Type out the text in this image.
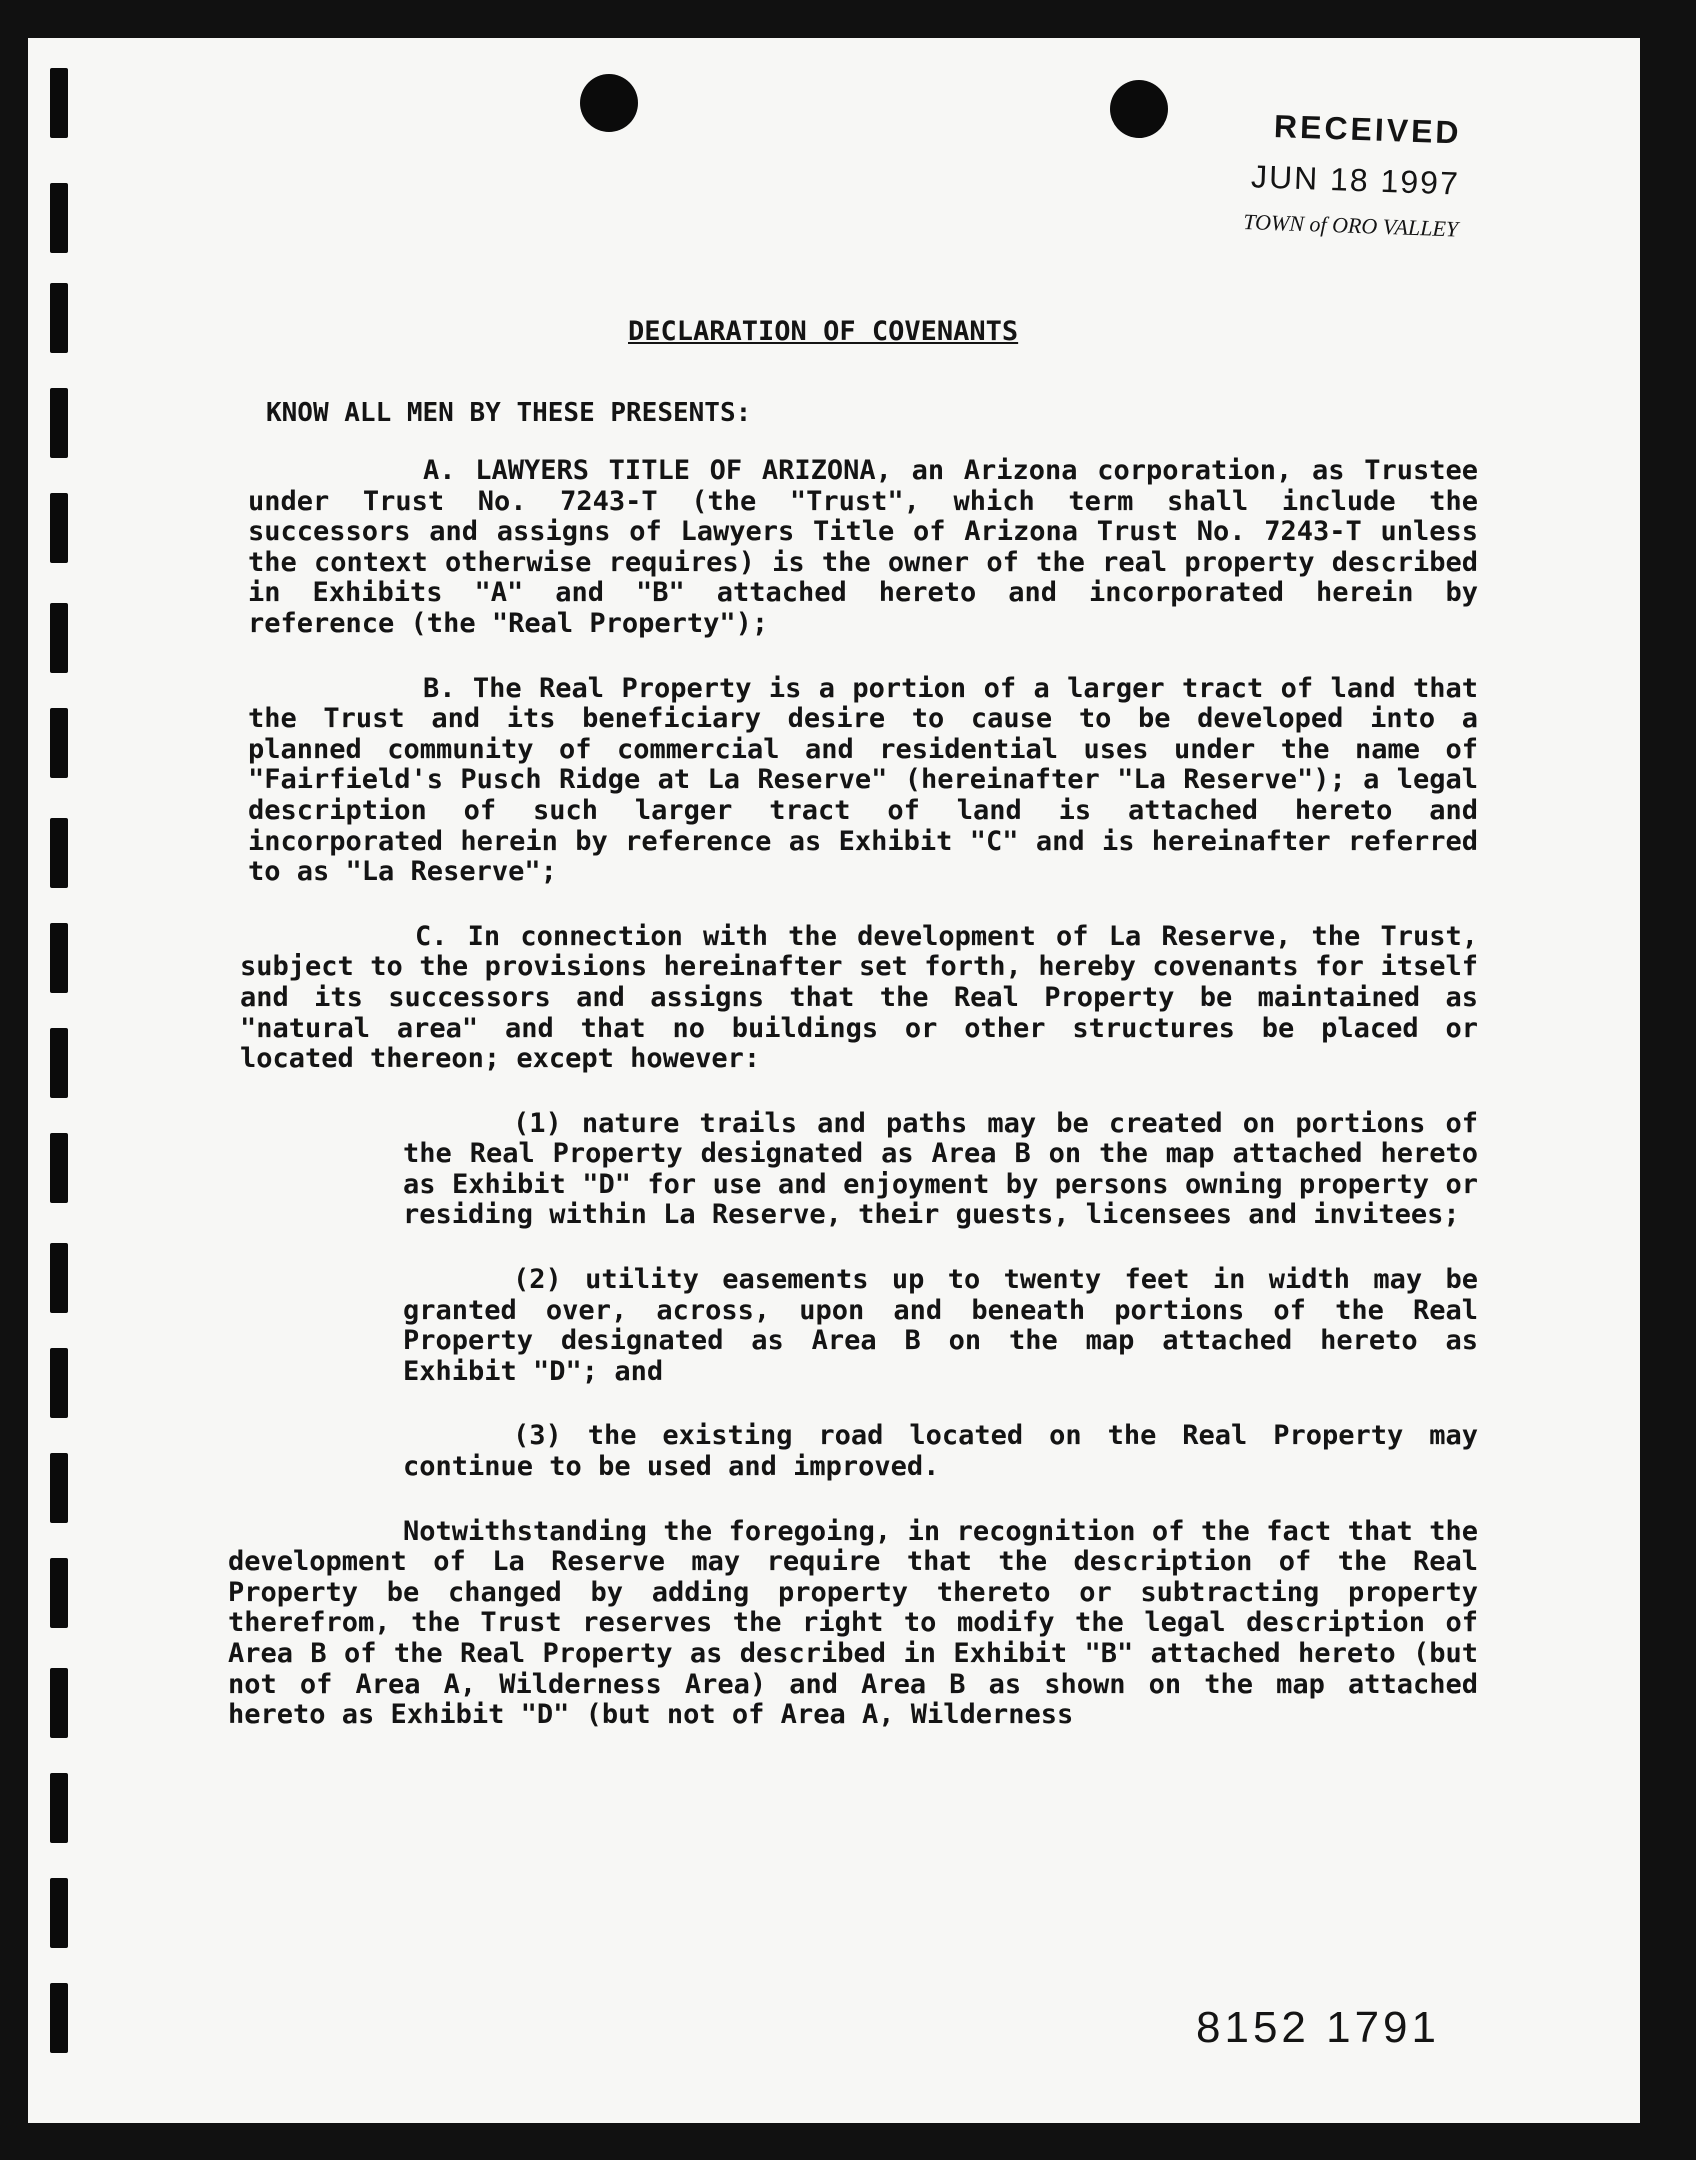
RECEIVED
JUN 18 1997
TOWN of ORO VALLEY
DECLARATION OF COVENANTS
KNOW ALL MEN BY THESE PRESENTS:

A. LAWYERS TITLE OF ARIZONA, an Arizona corporation, as Trustee under Trust No. 7243-T (the "Trust", which term shall include the successors and assigns of Lawyers Title of Arizona Trust No. 7243-T unless the context otherwise requires) is the owner of the real property described in Exhibits "A" and "B" attached hereto and incorporated herein by reference (the "Real Property");

B. The Real Property is a portion of a larger tract of land that the Trust and its beneficiary desire to cause to be developed into a planned community of commercial and residential uses under the name of "Fairfield's Pusch Ridge at La Reserve" (hereinafter "La Reserve"); a legal description of such larger tract of land is attached hereto and incorporated herein by reference as Exhibit "C" and is hereinafter referred to as "La Reserve";

C. In connection with the development of La Reserve, the Trust, subject to the provisions hereinafter set forth, hereby covenants for itself and its successors and assigns that the Real Property be maintained as "natural area" and that no buildings or other structures be placed or located thereon; except however:

(1) nature trails and paths may be created on portions of the Real Property designated as Area B on the map attached hereto as Exhibit "D" for use and enjoyment by persons owning property or residing within La Reserve, their guests, licensees and invitees;

(2) utility easements up to twenty feet in width may be granted over, across, upon and beneath portions of the Real Property designated as Area B on the map attached hereto as Exhibit "D"; and

(3) the existing road located on the Real Property may continue to be used and improved.

Notwithstanding the foregoing, in recognition of the fact that the development of La Reserve may require that the description of the Real Property be changed by adding property thereto or subtracting property therefrom, the Trust reserves the right to modify the legal description of Area B of the Real Property as described in Exhibit "B" attached hereto (but not of Area A, Wilderness Area) and Area B as shown on the map attached hereto as Exhibit "D" (but not of Area A, Wilderness

8152 1791
